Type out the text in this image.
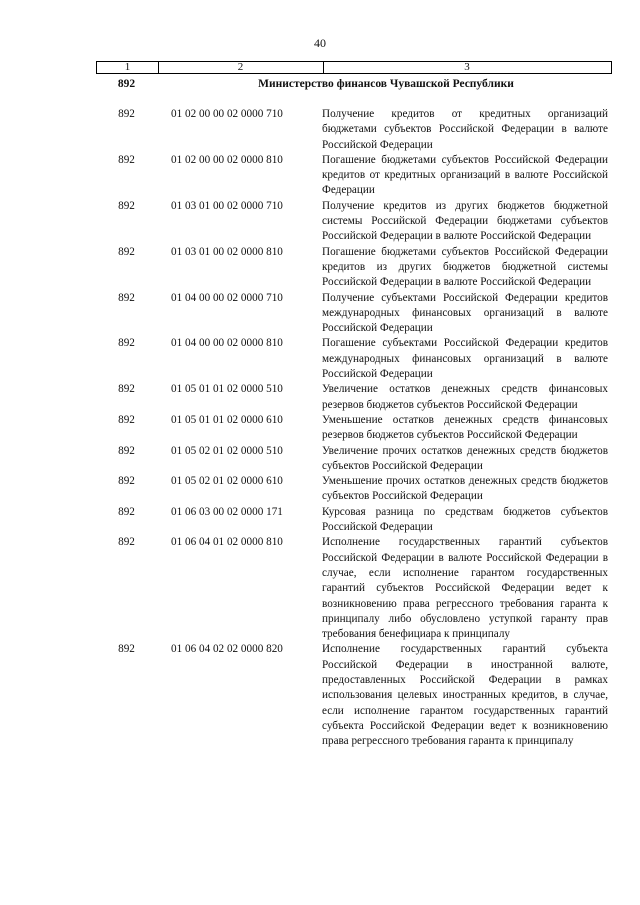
40
1	2	3
892	Министерство финансов Чувашской Республики
892	01 02 00 00 02 0000 710	Получение кредитов от кредитных организаций бюджетами субъектов Российской Федерации в валюте Российской Федерации
892	01 02 00 00 02 0000 810	Погашение бюджетами субъектов Российской Федерации кредитов от кредитных организаций в валюте Российской Федерации
892	01 03 01 00 02 0000 710	Получение кредитов из других бюджетов бюджетной системы Российской Федерации бюджетами субъектов Российской Федерации в валюте Российской Федерации
892	01 03 01 00 02 0000 810	Погашение бюджетами субъектов Российской Федерации кредитов из других бюджетов бюджетной системы Российской Федерации в валюте Российской Федерации
892	01 04 00 00 02 0000 710	Получение субъектами Российской Федерации кредитов международных финансовых организаций в валюте Российской Федерации
892	01 04 00 00 02 0000 810	Погашение субъектами Российской Федерации кредитов международных финансовых организаций в валюте Российской Федерации
892	01 05 01 01 02 0000 510	Увеличение остатков денежных средств финансовых резервов бюджетов субъектов Российской Федерации
892	01 05 01 01 02 0000 610	Уменьшение остатков денежных средств финансовых резервов бюджетов субъектов Российской Федерации
892	01 05 02 01 02 0000 510	Увеличение прочих остатков денежных средств бюджетов субъектов Российской Федерации
892	01 05 02 01 02 0000 610	Уменьшение прочих остатков денежных средств бюджетов субъектов Российской Федерации
892	01 06 03 00 02 0000 171	Курсовая разница по средствам бюджетов субъектов Российской Федерации
892	01 06 04 01 02 0000 810	Исполнение государственных гарантий субъектов Российской Федерации в валюте Российской Федерации в случае, если исполнение гарантом государственных гарантий субъектов Российской Федерации ведет к возникновению права регрессного требования гаранта к принципалу либо обусловлено уступкой гаранту прав требования бенефициара к принципалу
892	01 06 04 02 02 0000 820	Исполнение государственных гарантий субъекта Российской Федерации в иностранной валюте, предоставленных Российской Федерации в рамках использования целевых иностранных кредитов, в случае, если исполнение гарантом государственных гарантий субъекта Российской Федерации ведет к возникновению права регрессного требования гаранта к принципалу
